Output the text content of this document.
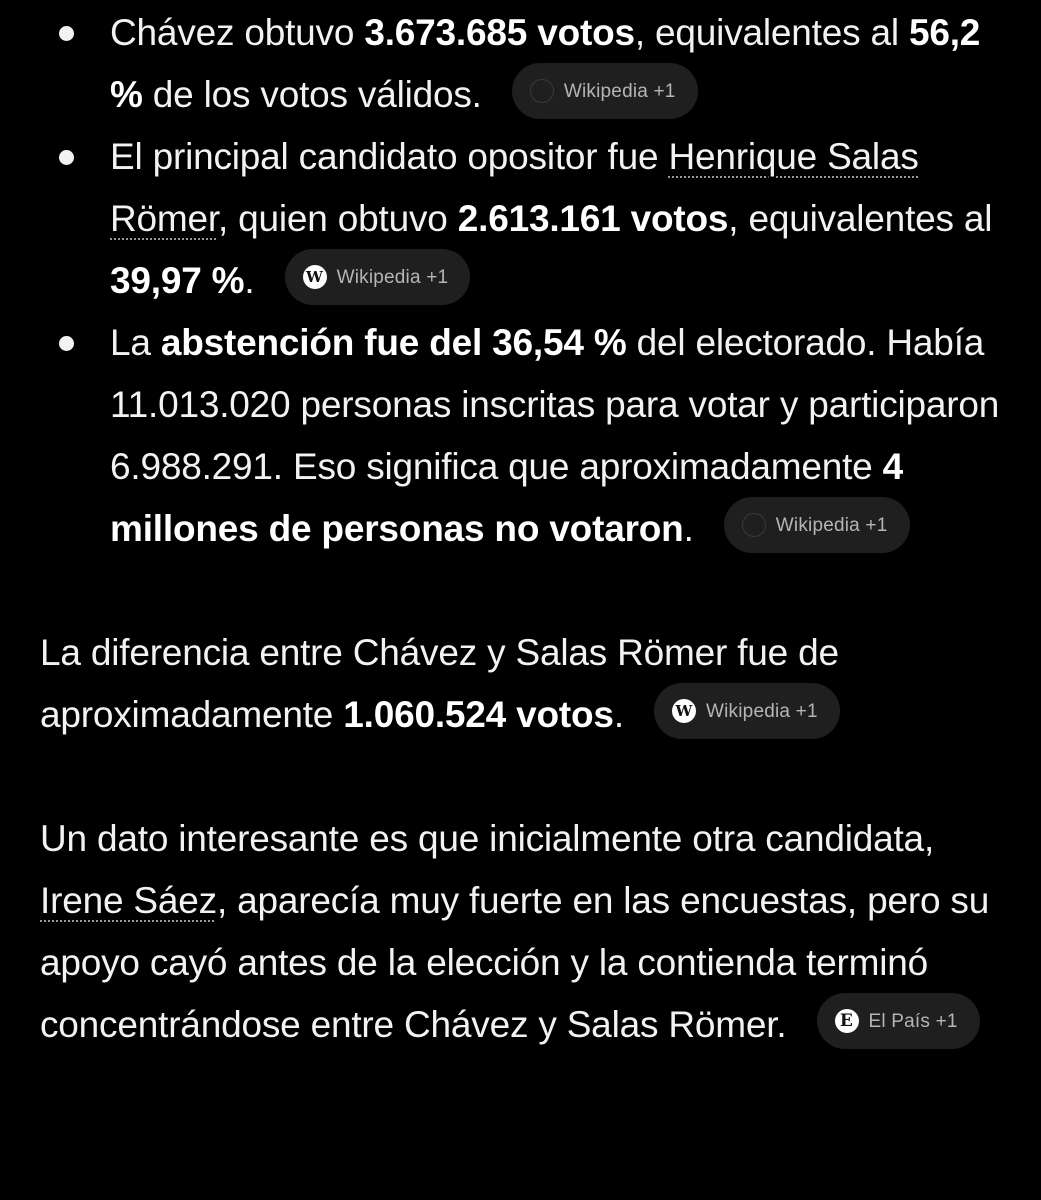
Chávez obtuvo 3.673.685 votos, equivalentes al 56,2 % de los votos válidos.	Wikipedia +1
El principal candidato opositor fue Henrique Salas Römer, quien obtuvo 2.613.161 votos, equivalentes al 39,97 %.	W Wikipedia +1
La abstención fue del 36,54 % del electorado. Había 11.013.020 personas inscritas para votar y participaron 6.988.291. Eso significa que aproximadamente 4 millones de personas no votaron.	Wikipedia +1

La diferencia entre Chávez y Salas Römer fue de aproximadamente 1.060.524 votos.	W Wikipedia +1

Un dato interesante es que inicialmente otra candidata, Irene Sáez, aparecía muy fuerte en las encuestas, pero su apoyo cayó antes de la elección y la contienda terminó concentrándose entre Chávez y Salas Römer.	E El País +1
